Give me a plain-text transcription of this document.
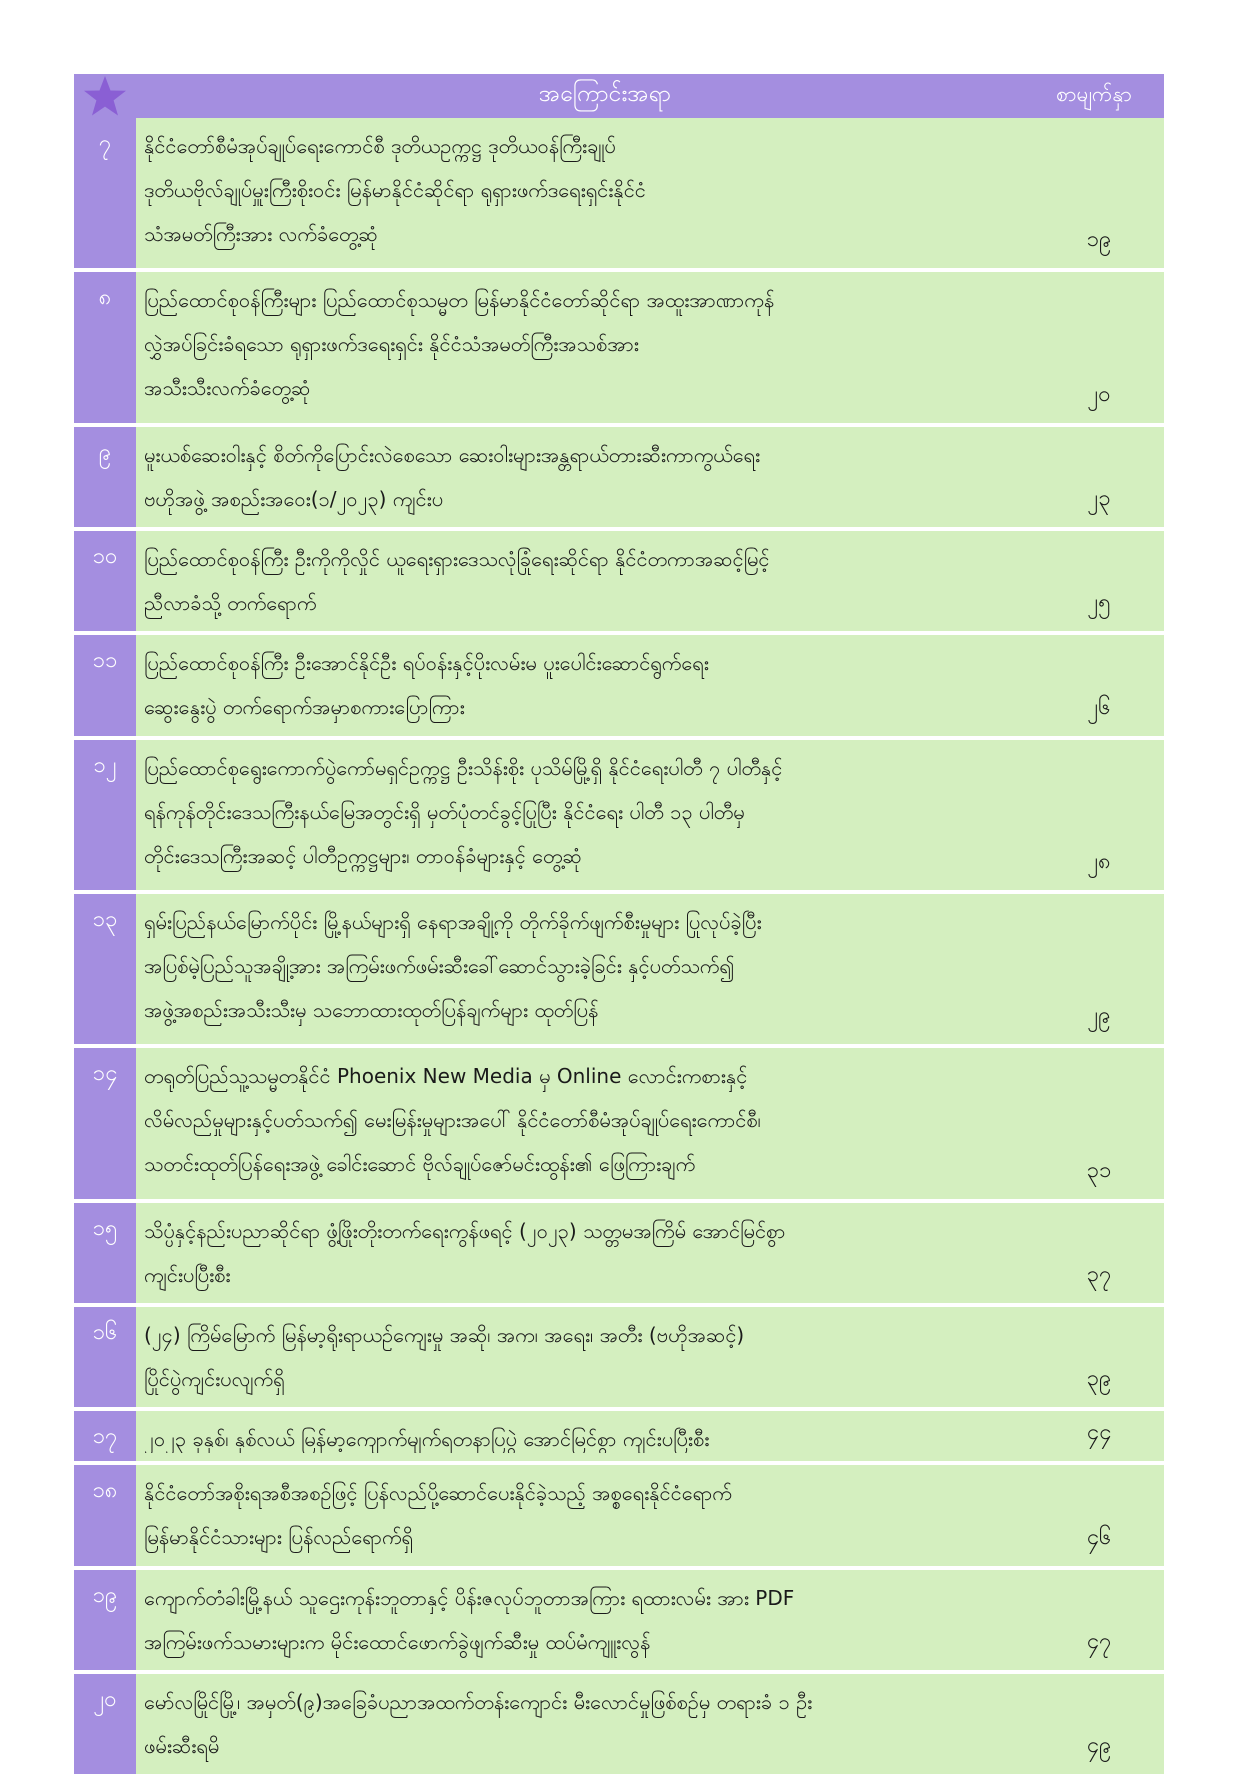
အကြောင်းအရာ	စာမျက်နှာ
၇	နိုင်ငံတော်စီမံအုပ်ချုပ်ရေးကောင်စီ ဒုတိယဥက္ကဋ္ဌ ဒုတိယဝန်ကြီးချုပ်
ဒုတိယဗိုလ်ချုပ်မှူးကြီးစိုးဝင်း မြန်မာနိုင်ငံဆိုင်ရာ ရုရှားဖက်ဒရေးရှင်းနိုင်ငံ
သံအမတ်ကြီးအား လက်ခံတွေ့ဆုံ	၁၉
၈	ပြည်ထောင်စုဝန်ကြီးများ ပြည်ထောင်စုသမ္မတ မြန်မာနိုင်ငံတော်ဆိုင်ရာ အထူးအာဏာကုန်
လွှဲအပ်ခြင်းခံရသော ရုရှားဖက်ဒရေးရှင်း နိုင်ငံသံအမတ်ကြီးအသစ်အား
အသီးသီးလက်ခံတွေ့ဆုံ	၂၀
၉	မူးယစ်ဆေးဝါးနှင့် စိတ်ကိုပြောင်းလဲစေသော ဆေးဝါးများအန္တရာယ်တားဆီးကာကွယ်ရေး
ဗဟိုအဖွဲ့ အစည်းအဝေး(၁/၂၀၂၃) ကျင်းပ	၂၃
၁၀	ပြည်ထောင်စုဝန်ကြီး ဦးကိုကိုလှိုင် ယူရေးရှားဒေသလုံခြုံရေးဆိုင်ရာ နိုင်ငံတကာအဆင့်မြင့်
ညီလာခံသို့ တက်ရောက်	၂၅
၁၁	ပြည်ထောင်စုဝန်ကြီး ဦးအောင်နိုင်ဦး ရပ်ဝန်းနှင့်ပိုးလမ်းမ ပူးပေါင်းဆောင်ရွက်ရေး
ဆွေးနွေးပွဲ တက်ရောက်အမှာစကားပြောကြား	၂၆
၁၂	ပြည်ထောင်စုရွေးကောက်ပွဲကော်မရှင်ဥက္ကဋ္ဌ ဦးသိန်းစိုး ပုသိမ်မြို့ရှိ နိုင်ငံရေးပါတီ ၇ ပါတီနှင့်
ရန်ကုန်တိုင်းဒေသကြီးနယ်မြေအတွင်းရှိ မှတ်ပုံတင်ခွင့်ပြုပြီး နိုင်ငံရေး ပါတီ ၁၃ ပါတီမှ
တိုင်းဒေသကြီးအဆင့် ပါတီဥက္ကဋ္ဌများ၊ တာဝန်ခံများနှင့် တွေ့ဆုံ	၂၈
၁၃	ရှမ်းပြည်နယ်မြောက်ပိုင်း မြို့နယ်များရှိ နေရာအချို့ကို တိုက်ခိုက်ဖျက်စီးမှုများ ပြုလုပ်ခဲ့ပြီး
အပြစ်မဲ့ပြည်သူအချို့အား အကြမ်းဖက်ဖမ်းဆီးခေါ်ဆောင်သွားခဲ့ခြင်း နှင့်ပတ်သက်၍
အဖွဲ့အစည်းအသီးသီးမှ သဘောထားထုတ်ပြန်ချက်များ ထုတ်ပြန်	၂၉
၁၄	တရုတ်ပြည်သူ့သမ္မတနိုင်ငံ Phoenix New Media မှ Online လောင်းကစားနှင့်
လိမ်လည်မှုများနှင့်ပတ်သက်၍ မေးမြန်းမှုများအပေါ် နိုင်ငံတော်စီမံအုပ်ချုပ်ရေးကောင်စီ၊
သတင်းထုတ်ပြန်ရေးအဖွဲ့ ခေါင်းဆောင် ဗိုလ်ချုပ်ဇော်မင်းထွန်း၏ ဖြေကြားချက်	၃၁
၁၅	သိပ္ပံနှင့်နည်းပညာဆိုင်ရာ ဖွံ့ဖြိုးတိုးတက်ရေးကွန်ဖရင့် (၂၀၂၃) သတ္တမအကြိမ် အောင်မြင်စွာ
ကျင်းပပြီးစီး	၃၇
၁၆	(၂၄) ကြိမ်မြောက် မြန်မာ့ရိုးရာယဉ်ကျေးမှု အဆို၊ အက၊ အရေး၊ အတီး (ဗဟိုအဆင့်)
ပြိုင်ပွဲကျင်းပလျက်ရှိ	၃၉
၁၇	၂၀၂၃ ခုနှစ်၊ နှစ်လယ် မြန်မာ့ကျောက်မျက်ရတနာပြပွဲ အောင်မြင်စွာ ကျင်းပပြီးစီး	၄၄
၁၈	နိုင်ငံတော်အစိုးရအစီအစဉ်ဖြင့် ပြန်လည်ပို့ဆောင်ပေးနိုင်ခဲ့သည့် အစ္စရေးနိုင်ငံရောက်
မြန်မာနိုင်ငံသားများ ပြန်လည်ရောက်ရှိ	၄၆
၁၉	ကျောက်တံခါးမြို့နယ် သူဌေးကုန်းဘူတာနှင့် ပိန်းဇလုပ်ဘူတာအကြား ရထားလမ်း အား PDF
အကြမ်းဖက်သမားများက မိုင်းထောင်ဖောက်ခွဲဖျက်ဆီးမှု ထပ်မံကျူးလွန်	၄၇
၂၀	မော်လမြိုင်မြို့၊ အမှတ်(၉)အခြေခံပညာအထက်တန်းကျောင်း မီးလောင်မှုဖြစ်စဉ်မှ တရားခံ ၁ ဦး
ဖမ်းဆီးရမိ	၄၉
